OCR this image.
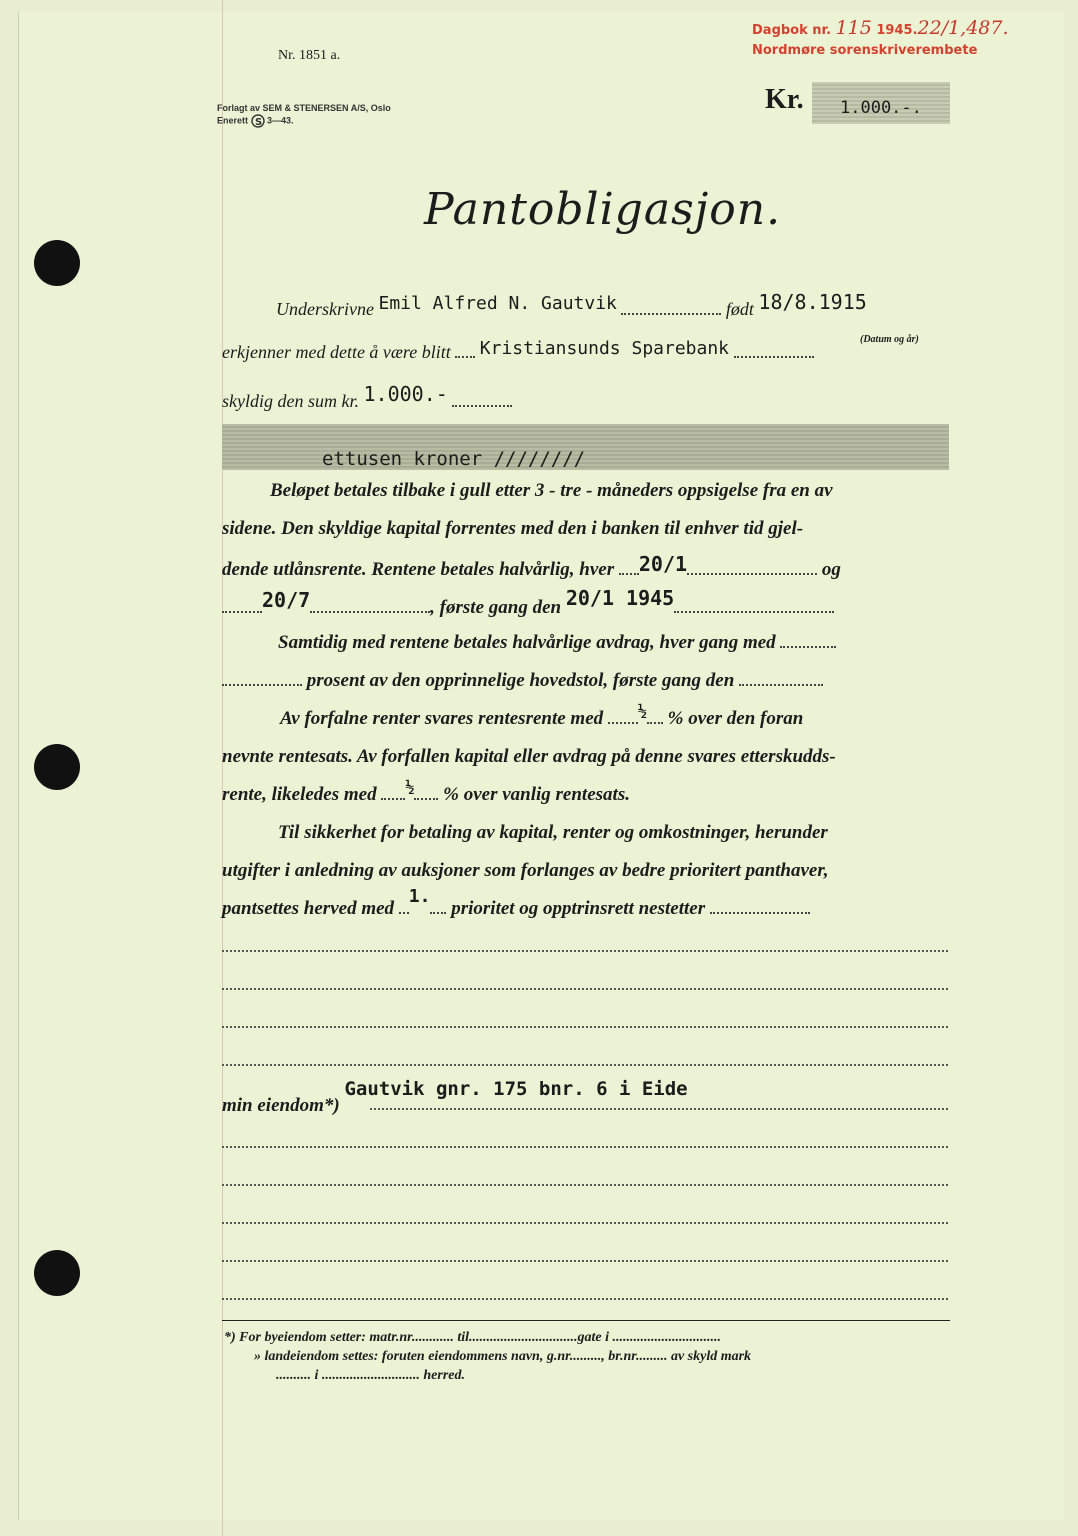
Dagbok nr. 115 1945.22/1,487.
Nordmøre sorenskriverembete
Nr. 1851 a.
Forlagt av SEM & STENERSEN A/S, Oslo
Enerett S 3—43.
Kr. 1.000.-.
Pantobligasjon.
Underskrivne Emil Alfred N. Gautvik	født 18/8.1915
(Datum og år)
erkjenner med dette å være blitt Kristiansunds Sparebank
skyldig den sum kr. 1.000.-
ettusen kroner ////////
Beløpet betales tilbake i gull etter 3 - tre - måneders oppsigelse fra en av
sidene. Den skyldige kapital forrentes med den i banken til enhver tid gjel-
dende utlånsrente. Rentene betales halvårlig, hver 20/1	og
20/7	, første gang den 20/1 1945
Samtidig med rentene betales halvårlige avdrag, hver gang med
prosent av den opprinnelige hovedstol, første gang den
Av forfalne renter svares rentesrente med $^{\frac{1}{2}}$ % over den foran
nevnte rentesats. Av forfallen kapital eller avdrag på denne svares etterskudds-
rente, likeledes med $^{\frac{1}{2}}$ % over vanlig rentesats.
Til sikkerhet for betaling av kapital, renter og omkostninger, herunder
utgifter i anledning av auksjoner som forlanges av bedre prioritert panthaver,
pantsettes herved med 1. prioritet og opptrinsrett nestetter
min eiendom*) Gautvik gnr. 175 bnr. 6 i Eide
*) For byeiendom setter: matr.nr............ til...............................gate i ...............................
» landeiendom settes: foruten eiendommens navn, g.nr........., br.nr......... av skyld mark
.......... i ............................ herred.
